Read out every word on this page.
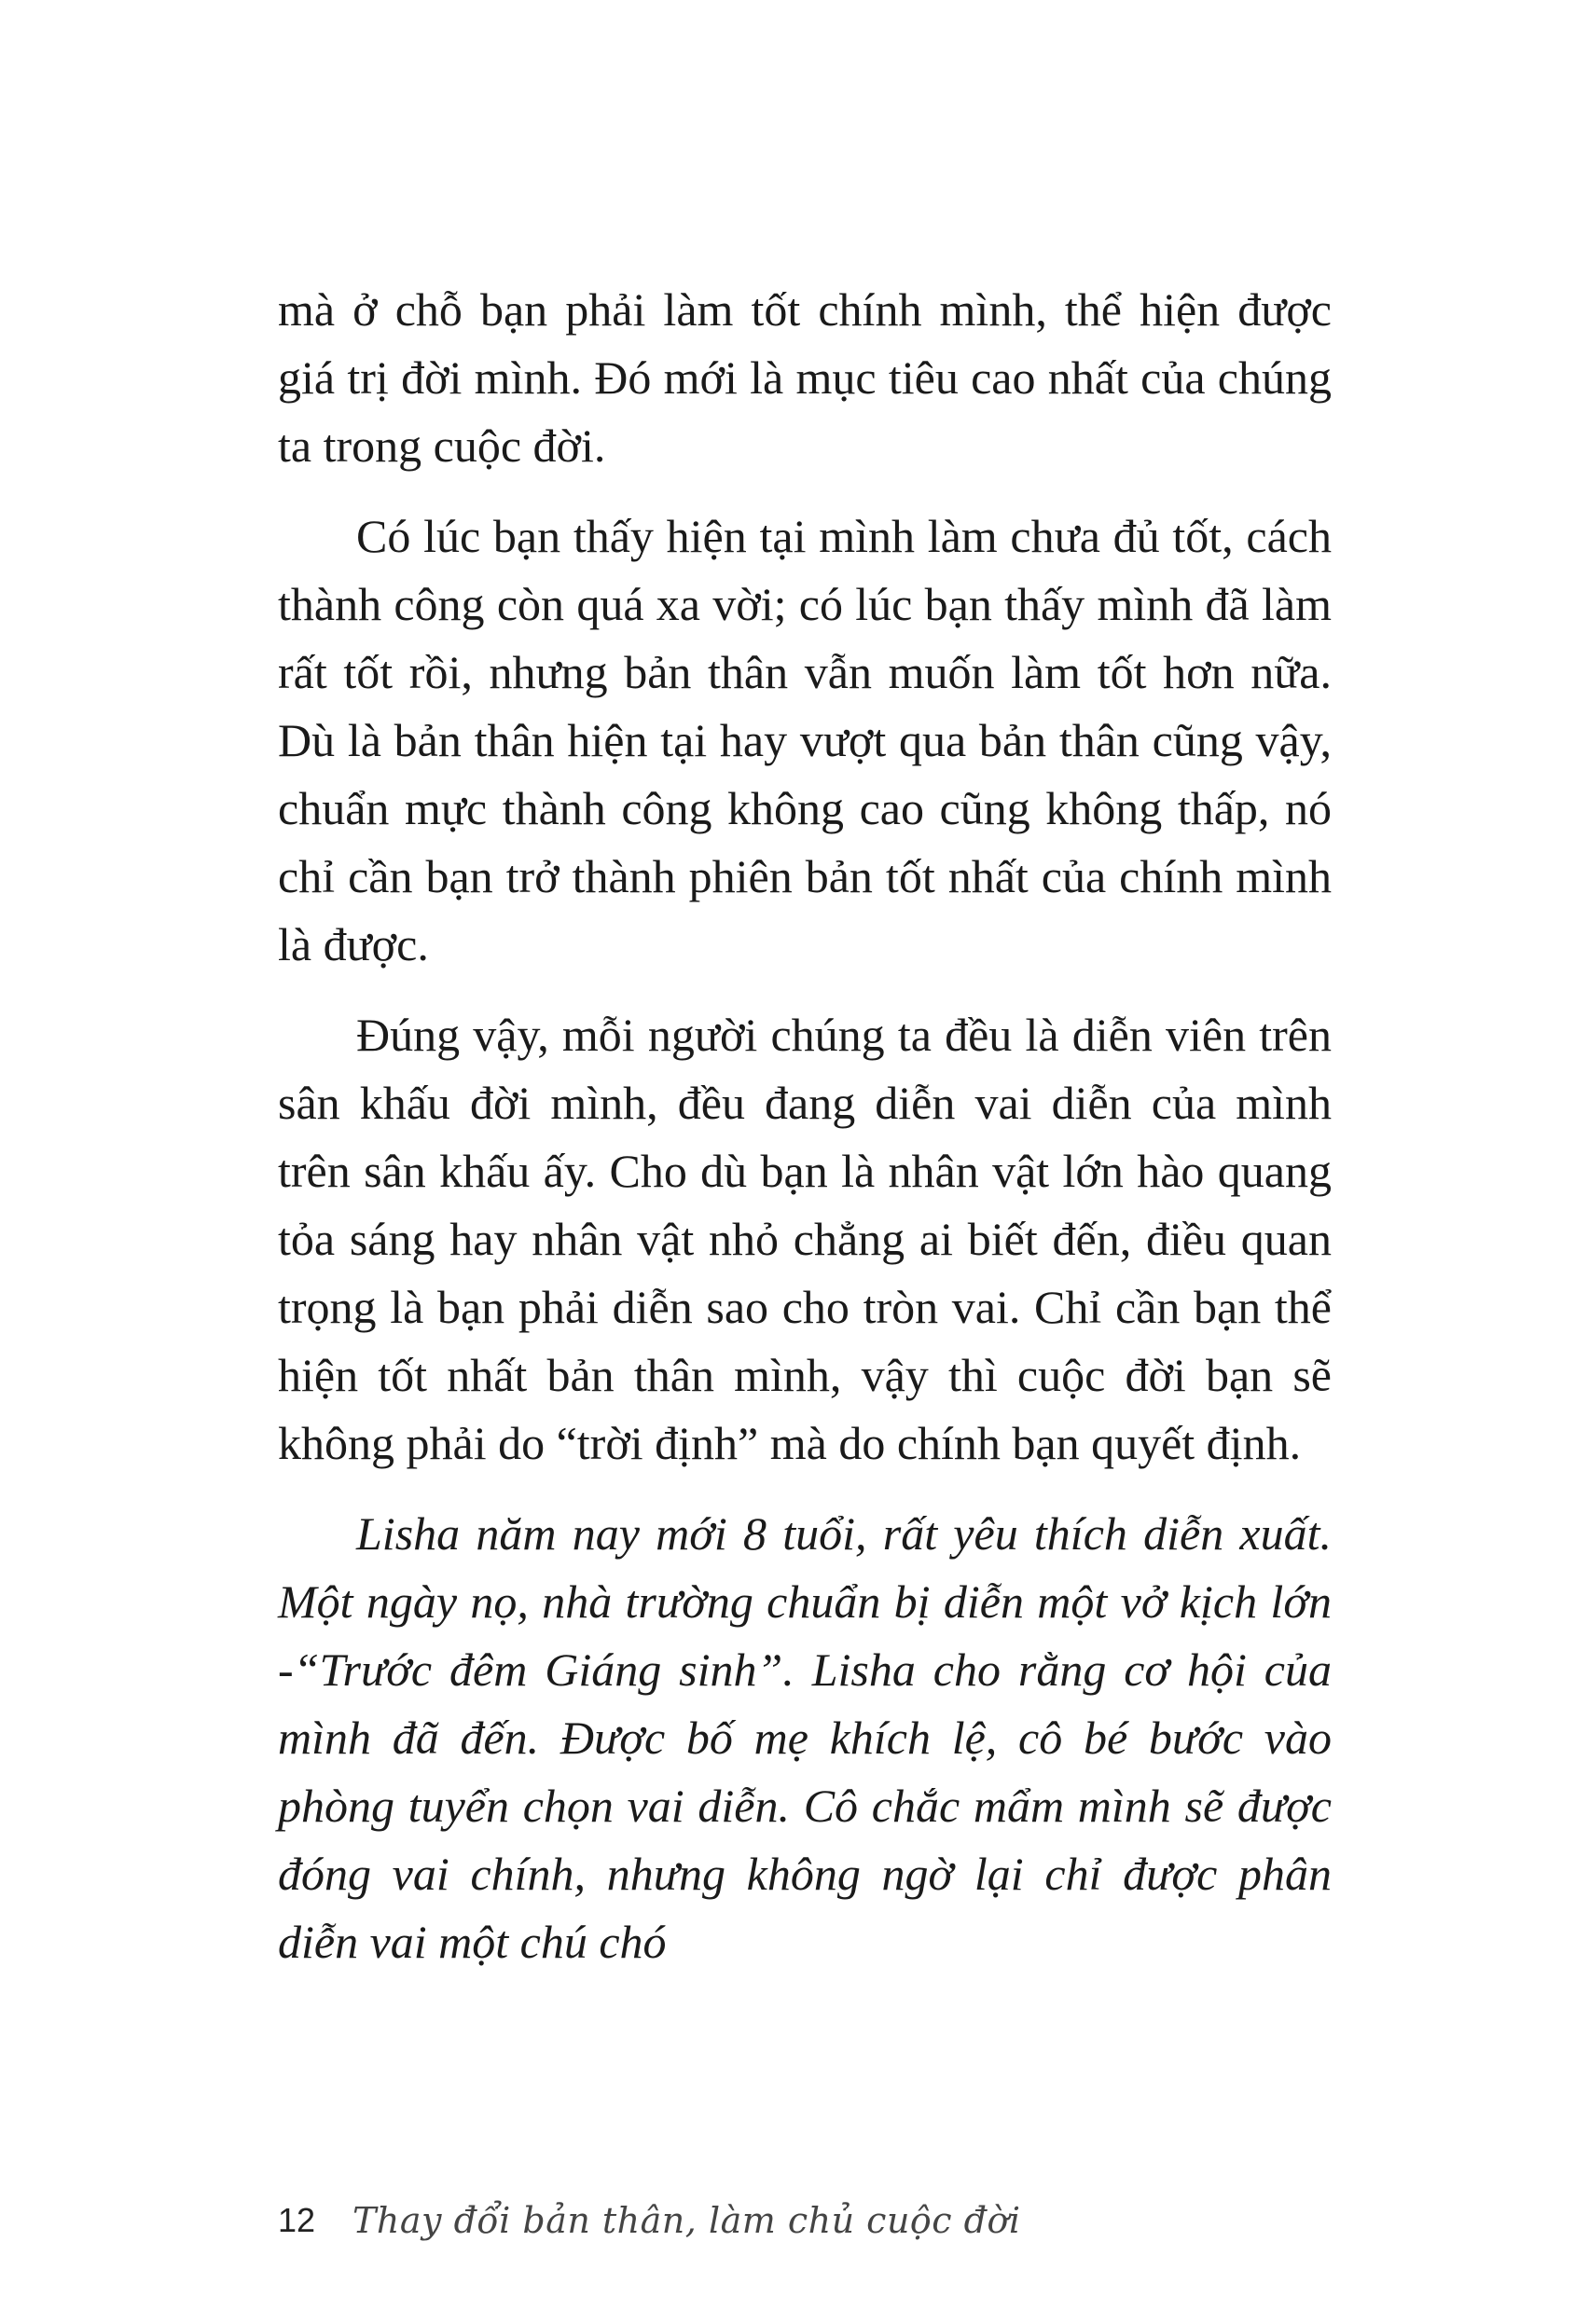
mà ở chỗ bạn phải làm tốt chính mình, thể hiện được giá trị đời mình. Đó mới là mục tiêu cao nhất của chúng ta trong cuộc đời.

Có lúc bạn thấy hiện tại mình làm chưa đủ tốt, cách thành công còn quá xa vời; có lúc bạn thấy mình đã làm rất tốt rồi, nhưng bản thân vẫn muốn làm tốt hơn nữa. Dù là bản thân hiện tại hay vượt qua bản thân cũng vậy, chuẩn mực thành công không cao cũng không thấp, nó chỉ cần bạn trở thành phiên bản tốt nhất của chính mình là được.

Đúng vậy, mỗi người chúng ta đều là diễn viên trên sân khấu đời mình, đều đang diễn vai diễn của mình trên sân khấu ấy. Cho dù bạn là nhân vật lớn hào quang tỏa sáng hay nhân vật nhỏ chẳng ai biết đến, điều quan trọng là bạn phải diễn sao cho tròn vai. Chỉ cần bạn thể hiện tốt nhất bản thân mình, vậy thì cuộc đời bạn sẽ không phải do “trời định” mà do chính bạn quyết định.

Lisha năm nay mới 8 tuổi, rất yêu thích diễn xuất. Một ngày nọ, nhà trường chuẩn bị diễn một vở kịch lớn -“Trước đêm Giáng sinh”. Lisha cho rằng cơ hội của mình đã đến. Được bố mẹ khích lệ, cô bé bước vào phòng tuyển chọn vai diễn. Cô chắc mẩm mình sẽ được đóng vai chính, nhưng không ngờ lại chỉ được phân diễn vai một chú chó

12 Thay đổi bản thân, làm chủ cuộc đời
